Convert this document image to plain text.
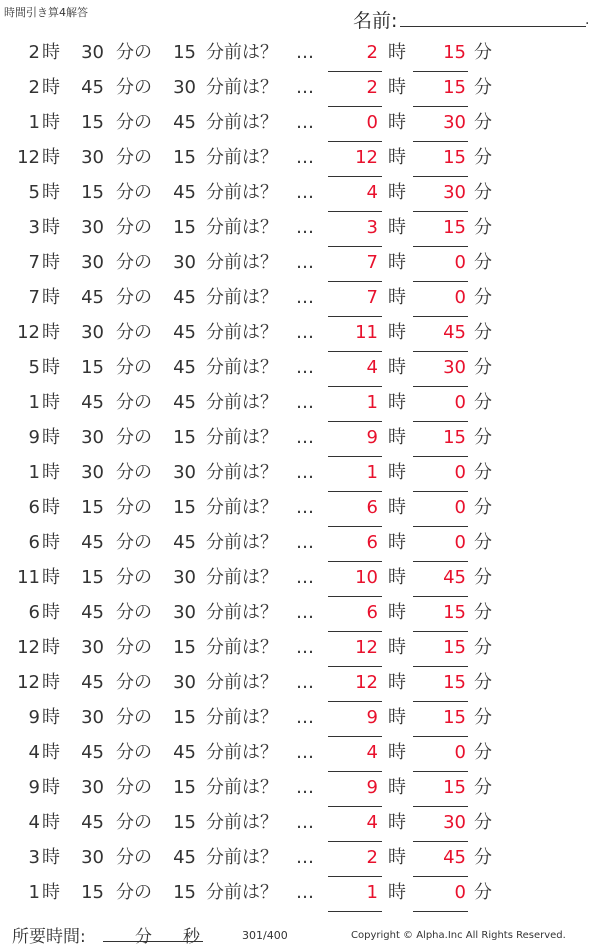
時間引き算4解答	名前:	.
2 時	30 分の	15 分前は？ …	2 時	15 分
2 時	45 分の	30 分前は？ …	2 時	15 分
1 時	15 分の	45 分前は？ …	0 時	30 分
12 時	30 分の	15 分前は？ …	12 時	15 分
5 時	15 分の	45 分前は？ …	4 時	30 分
3 時	30 分の	15 分前は？ …	3 時	15 分
7 時	30 分の	30 分前は？ …	7 時	0 分
7 時	45 分の	45 分前は？ …	7 時	0 分
12 時	30 分の	45 分前は？ …	11 時	45 分
5 時	15 分の	45 分前は？ …	4 時	30 分
1 時	45 分の	45 分前は？ …	1 時	0 分
9 時	30 分の	15 分前は？ …	9 時	15 分
1 時	30 分の	30 分前は？ …	1 時	0 分
6 時	15 分の	15 分前は？ …	6 時	0 分
6 時	45 分の	45 分前は？ …	6 時	0 分
11 時	15 分の	30 分前は？ …	10 時	45 分
6 時	45 分の	30 分前は？ …	6 時	15 分
12 時	30 分の	15 分前は？ …	12 時	15 分
12 時	45 分の	30 分前は？ …	12 時	15 分
9 時	30 分の	15 分前は？ …	9 時	15 分
4 時	45 分の	45 分前は？ …	4 時	0 分
9 時	30 分の	15 分前は？ …	9 時	15 分
4 時	45 分の	15 分前は？ …	4 時	30 分
3 時	30 分の	45 分前は？ …	2 時	45 分
1 時	15 分の	15 分前は？ …	1 時	0 分
所要時間:	分 秒	301/400	Copyright © Alpha.Inc All Rights Reserved.
